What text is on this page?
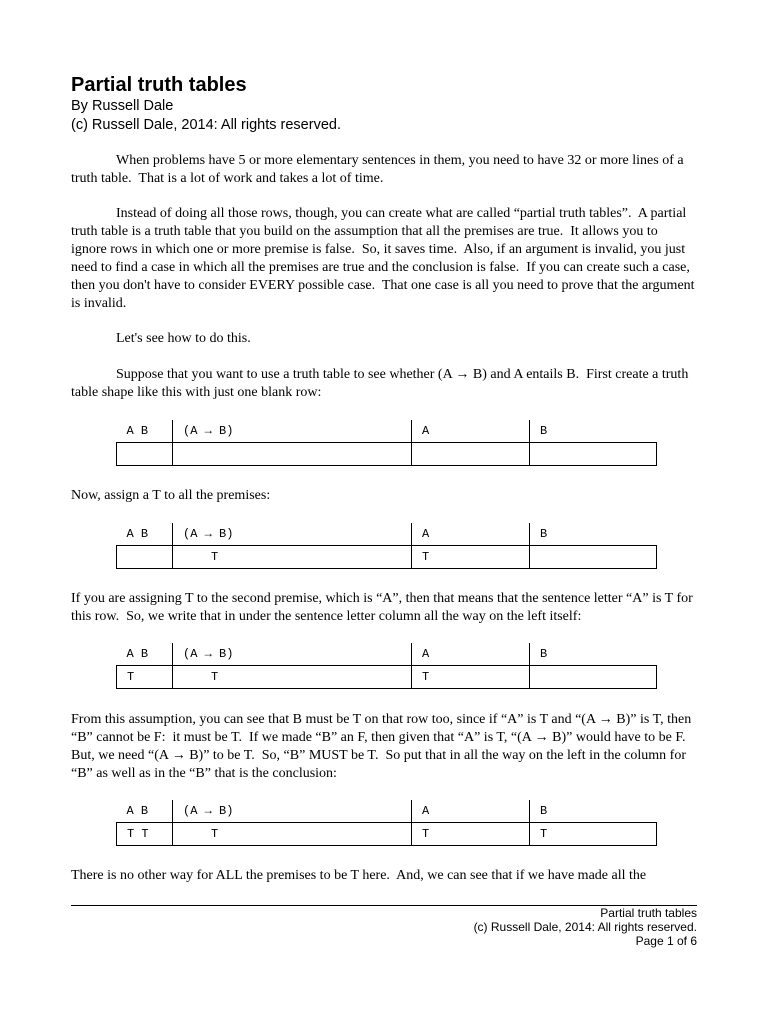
Partial truth tables
By Russell Dale
(c) Russell Dale, 2014: All rights reserved.

When problems have 5 or more elementary sentences in them, you need to have 32 or more lines of a truth table.  That is a lot of work and takes a lot of time.

Instead of doing all those rows, though, you can create what are called “partial truth tables”.  A partial truth table is a truth table that you build on the assumption that all the premises are true.  It allows you to ignore rows in which one or more premise is false.  So, it saves time.  Also, if an argument is invalid, you just need to find a case in which all the premises are true and the conclusion is false.  If you can create such a case, then you don't have to consider EVERY possible case.  That one case is all you need to prove that the argument is invalid.

Let's see how to do this.

Suppose that you want to use a truth table to see whether (A → B) and A entails B.  First create a truth table shape like this with just one blank row:

A B	(A → B)	A	B

Now, assign a T to all the premises:

A B	(A → B)	A	B
	T	T	

If you are assigning T to the second premise, which is “A”, then that means that the sentence letter “A” is T for this row.  So, we write that in under the sentence letter column all the way on the left itself:

A B	(A → B)	A	B
T	T	T	

From this assumption, you can see that B must be T on that row too, since if “A” is T and “(A → B)” is T, then “B” cannot be F:  it must be T.  If we made “B” an F, then given that “A” is T, “(A → B)” would have to be F.  But, we need “(A → B)” to be T.  So, “B” MUST be T.  So put that in all the way on the left in the column for “B” as well as in the “B” that is the conclusion:

A B	(A → B)	A	B
T T	T	T	T

There is no other way for ALL the premises to be T here.  And, we can see that if we have made all the

Partial truth tables
(c) Russell Dale, 2014: All rights reserved.
Page 1 of 6
